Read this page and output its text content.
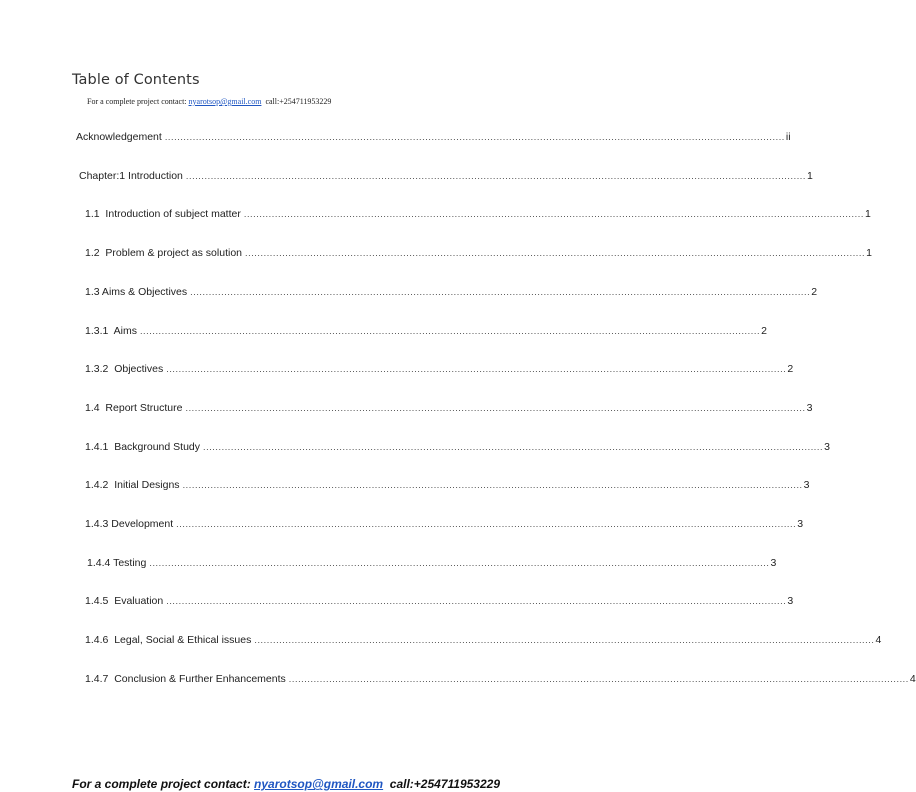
Table of Contents
For a complete project contact: nyarotsop@gmail.com  call:+254711953229
Acknowledgement ........................................................................................................................................................................................................ ii
Chapter:1 Introduction ........................................................................................................................................................................................................ 1
1.1  Introduction of subject matter ........................................................................................................................................................................................................ 1
1.2  Problem & project as solution ........................................................................................................................................................................................................ 1
1.3 Aims & Objectives ........................................................................................................................................................................................................ 2
1.3.1  Aims ........................................................................................................................................................................................................ 2
1.3.2  Objectives ........................................................................................................................................................................................................ 2
1.4  Report Structure ........................................................................................................................................................................................................ 3
1.4.1  Background Study ........................................................................................................................................................................................................ 3
1.4.2  Initial Designs ........................................................................................................................................................................................................ 3
1.4.3 Development ........................................................................................................................................................................................................ 3
1.4.4 Testing ........................................................................................................................................................................................................ 3
1.4.5  Evaluation ........................................................................................................................................................................................................ 3
1.4.6  Legal, Social & Ethical issues ........................................................................................................................................................................................................ 4
1.4.7  Conclusion & Further Enhancements ........................................................................................................................................................................................................ 4
For a complete project contact: nyarotsop@gmail.com  call:+254711953229
